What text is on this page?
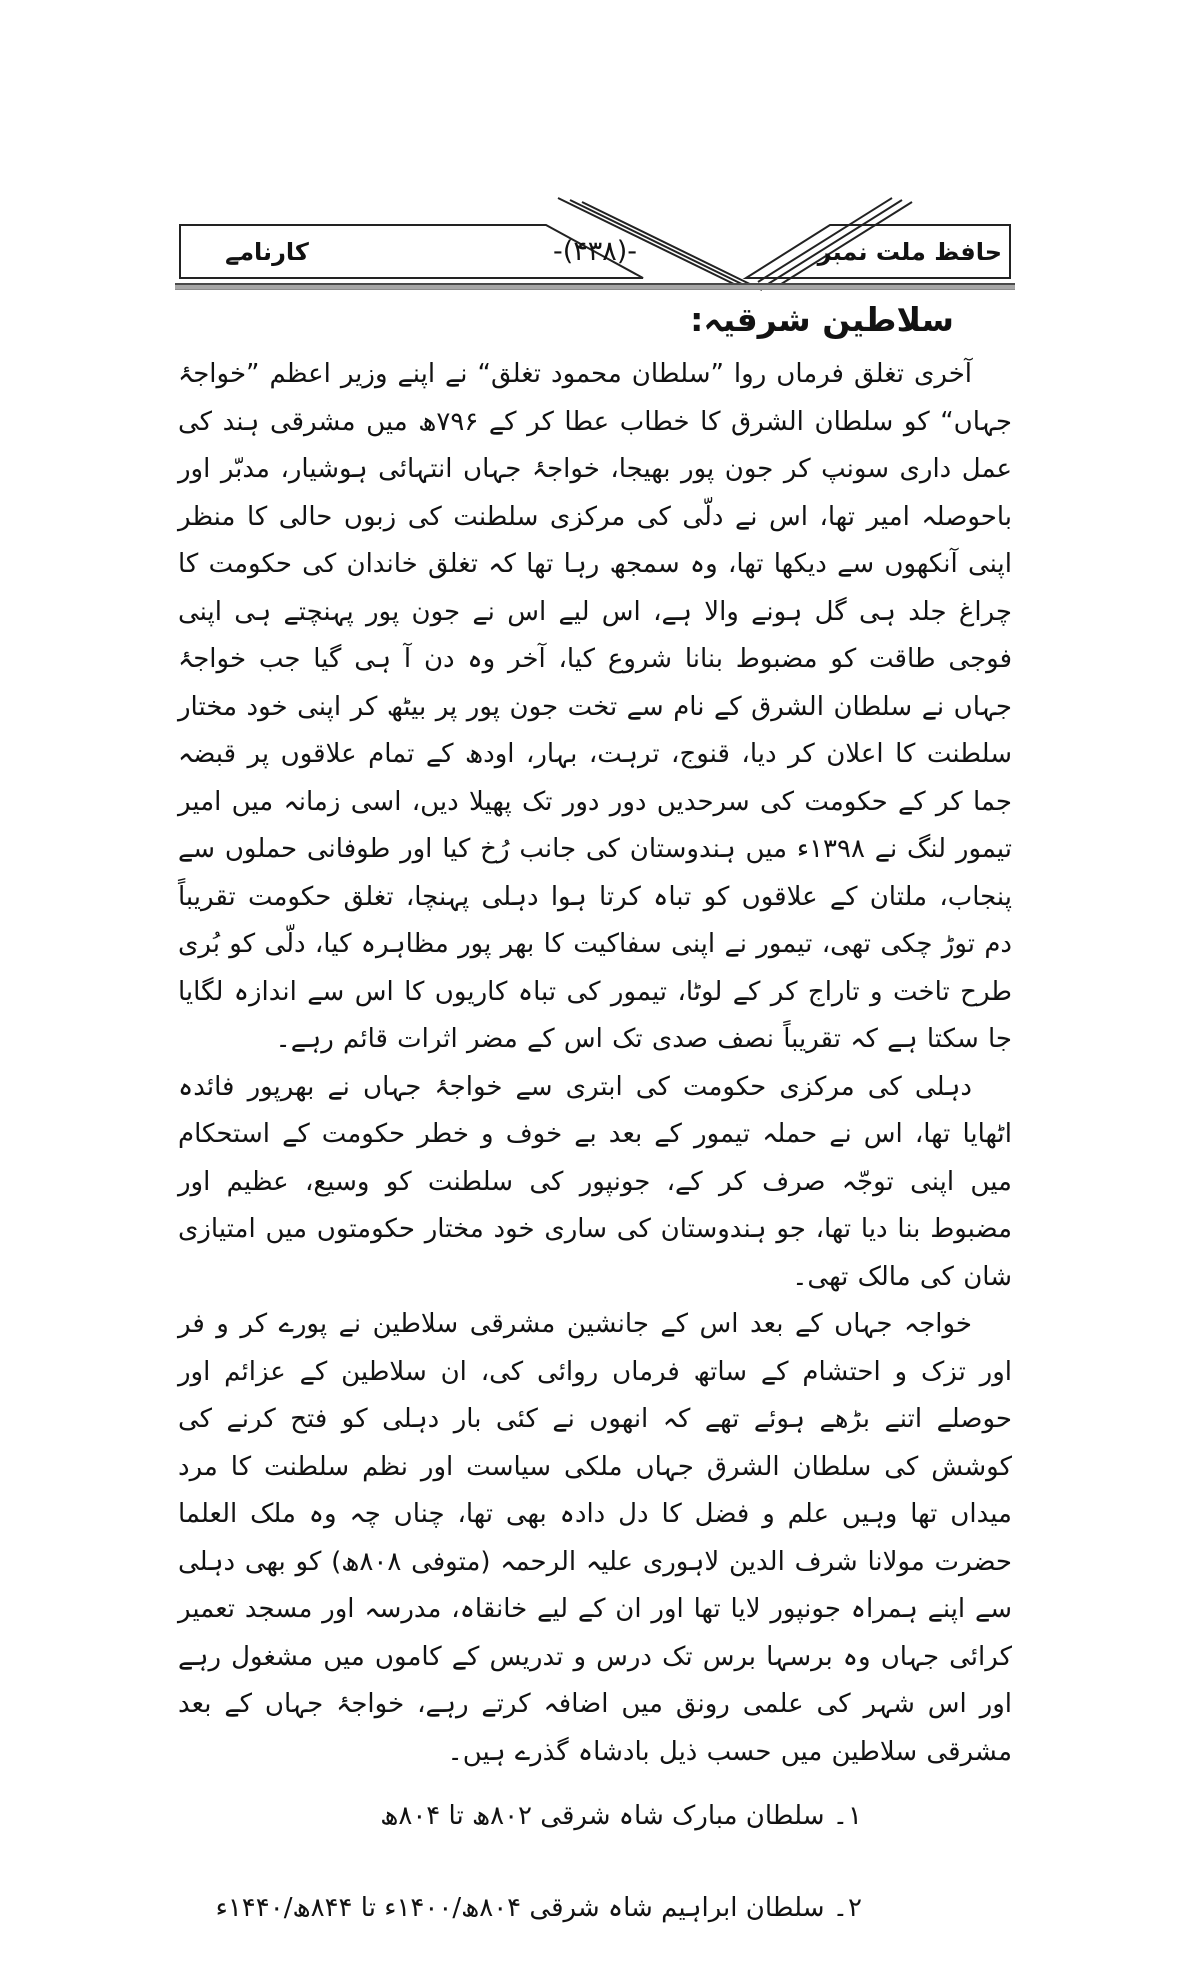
کارنامے	-(۴۳۸)-	حافظ ملت نمبر
سلاطین شرقیہ:

آخری تغلق فرماں روا ”سلطان محمود تغلق“ نے اپنے وزیر اعظم ”خواجۂ جہاں“ کو سلطان الشرق کا خطاب عطا کر کے ۷۹۶ھ میں مشرقی ہند کی عمل داری سونپ کر جون پور بھیجا، خواجۂ جہاں انتہائی ہوشیار، مدبّر اور باحوصلہ امیر تھا، اس نے دلّی کی مرکزی سلطنت کی زبوں حالی کا منظر اپنی آنکھوں سے دیکھا تھا، وہ سمجھ رہا تھا کہ تغلق خاندان کی حکومت کا چراغ جلد ہی گل ہونے والا ہے، اس لیے اس نے جون پور پہنچتے ہی اپنی فوجی طاقت کو مضبوط بنانا شروع کیا، آخر وہ دن آ ہی گیا جب خواجۂ جہاں نے سلطان الشرق کے نام سے تخت جون پور پر بیٹھ کر اپنی خود مختار سلطنت کا اعلان کر دیا، قنوج، ترہت، بہار، اودھ کے تمام علاقوں پر قبضہ جما کر کے حکومت کی سرحدیں دور دور تک پھیلا دیں، اسی زمانہ میں امیر تیمور لنگ نے ۱۳۹۸ء میں ہندوستان کی جانب رُخ کیا اور طوفانی حملوں سے پنجاب، ملتان کے علاقوں کو تباہ کرتا ہوا دہلی پہنچا، تغلق حکومت تقریباً دم توڑ چکی تھی، تیمور نے اپنی سفاکیت کا بھر پور مظاہرہ کیا، دلّی کو بُری طرح تاخت و تاراج کر کے لوٹا، تیمور کی تباہ کاریوں کا اس سے اندازہ لگایا جا سکتا ہے کہ تقریباً نصف صدی تک اس کے مضر اثرات قائم رہے۔

دہلی کی مرکزی حکومت کی ابتری سے خواجۂ جہاں نے بھرپور فائدہ اٹھایا تھا، اس نے حملہ تیمور کے بعد بے خوف و خطر حکومت کے استحکام میں اپنی توجّہ صرف کر کے، جونپور کی سلطنت کو وسیع، عظیم اور مضبوط بنا دیا تھا، جو ہندوستان کی ساری خود مختار حکومتوں میں امتیازی شان کی مالک تھی۔

خواجہ جہاں کے بعد اس کے جانشین مشرقی سلاطین نے پورے کر و فر اور تزک و احتشام کے ساتھ فرماں روائی کی، ان سلاطین کے عزائم اور حوصلے اتنے بڑھے ہوئے تھے کہ انھوں نے کئی بار دہلی کو فتح کرنے کی کوشش کی سلطان الشرق جہاں ملکی سیاست اور نظم سلطنت کا مرد میداں تھا وہیں علم و فضل کا دل دادہ بھی تھا، چناں چہ وہ ملک العلما حضرت مولانا شرف الدین لاہوری علیہ الرحمہ (متوفی ۸۰۸ھ) کو بھی دہلی سے اپنے ہمراہ جونپور لایا تھا اور ان کے لیے خانقاہ، مدرسہ اور مسجد تعمیر کرائی جہاں وہ برسہا برس تک درس و تدریس کے کاموں میں مشغول رہے اور اس شہر کی علمی رونق میں اضافہ کرتے رہے، خواجۂ جہاں کے بعد مشرقی سلاطین میں حسب ذیل بادشاہ گذرے ہیں۔

۱۔ سلطان مبارک شاہ شرقی ۸۰۲ھ تا ۸۰۴ھ
۲۔ سلطان ابراہیم شاہ شرقی ۸۰۴ھ/۱۴۰۰ء تا ۸۴۴ھ/۱۴۴۰ء
